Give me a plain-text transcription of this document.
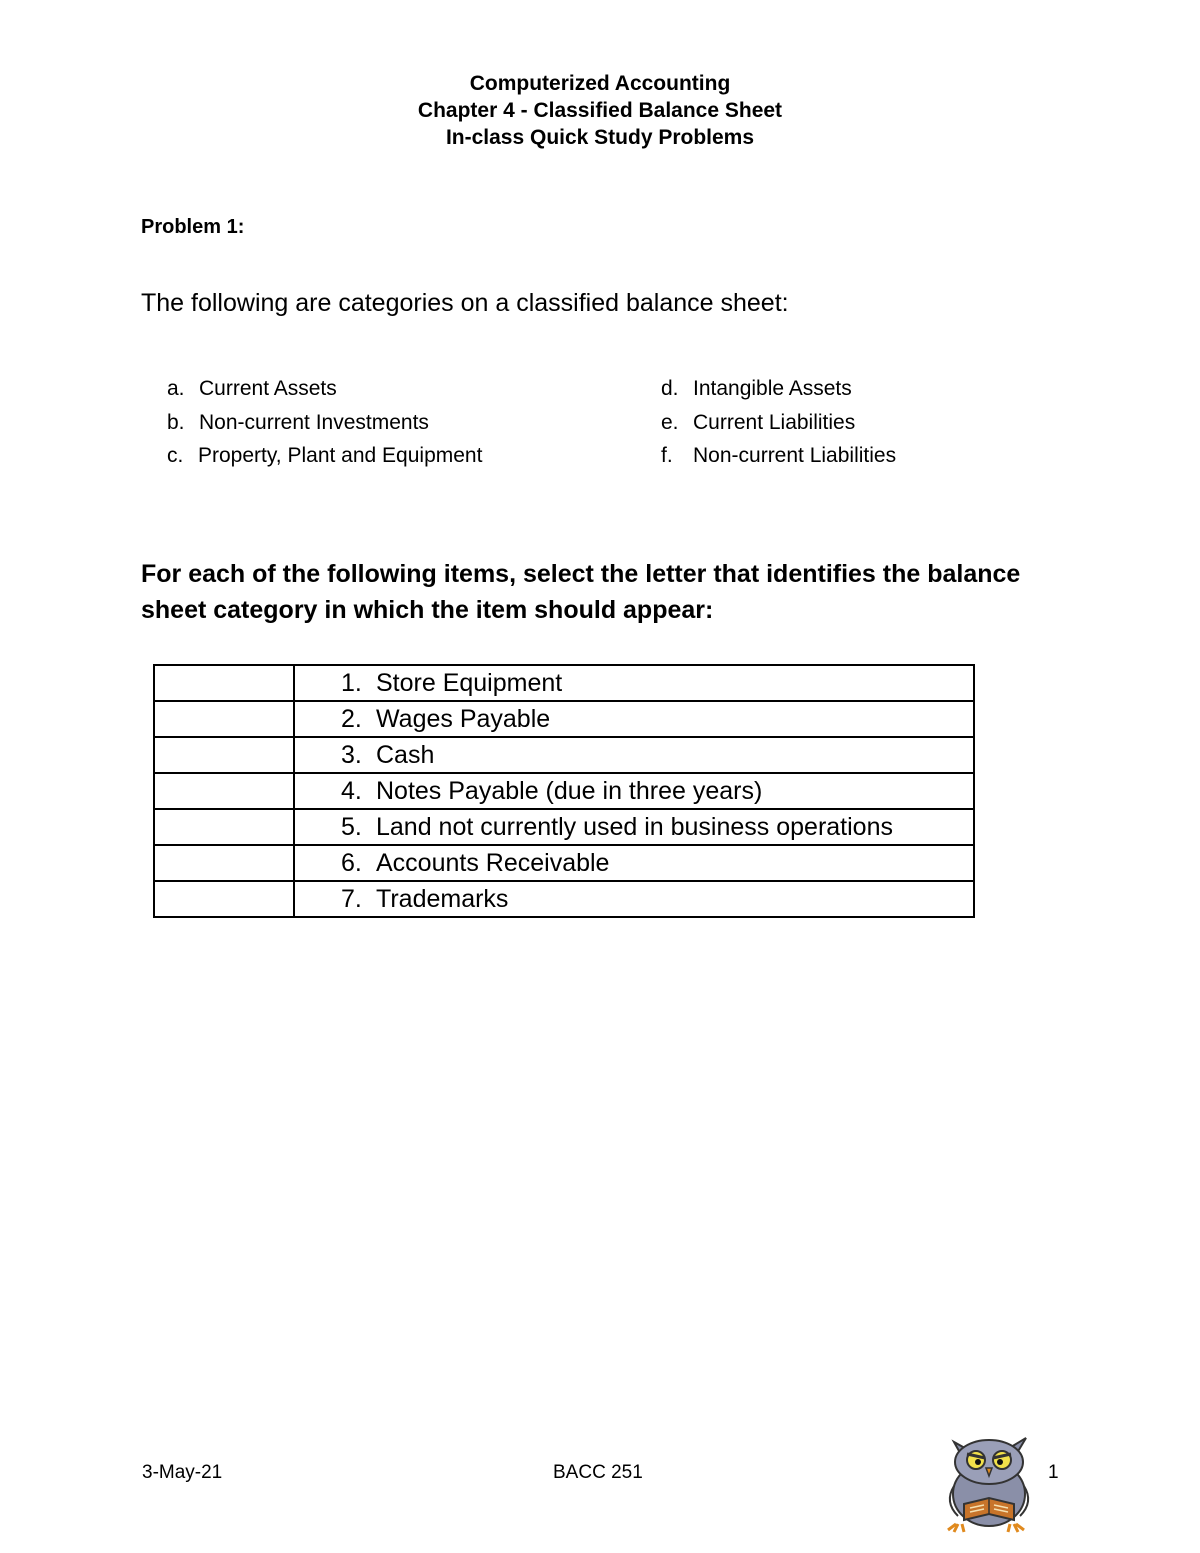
Computerized Accounting
Chapter 4 - Classified Balance Sheet
In-class Quick Study Problems
Problem 1:
The following are categories on a classified balance sheet:
a. Current Assets
b. Non-current Investments
c. Property, Plant and Equipment
d. Intangible Assets
e. Current Liabilities
f. Non-current Liabilities
For each of the following items, select the letter that identifies the balance sheet category in which the item should appear:
	1. Store Equipment
	2. Wages Payable
	3. Cash
	4. Notes Payable (due in three years)
	5. Land not currently used in business operations
	6. Accounts Receivable
	7. Trademarks
3-May-21	BACC 251	1
